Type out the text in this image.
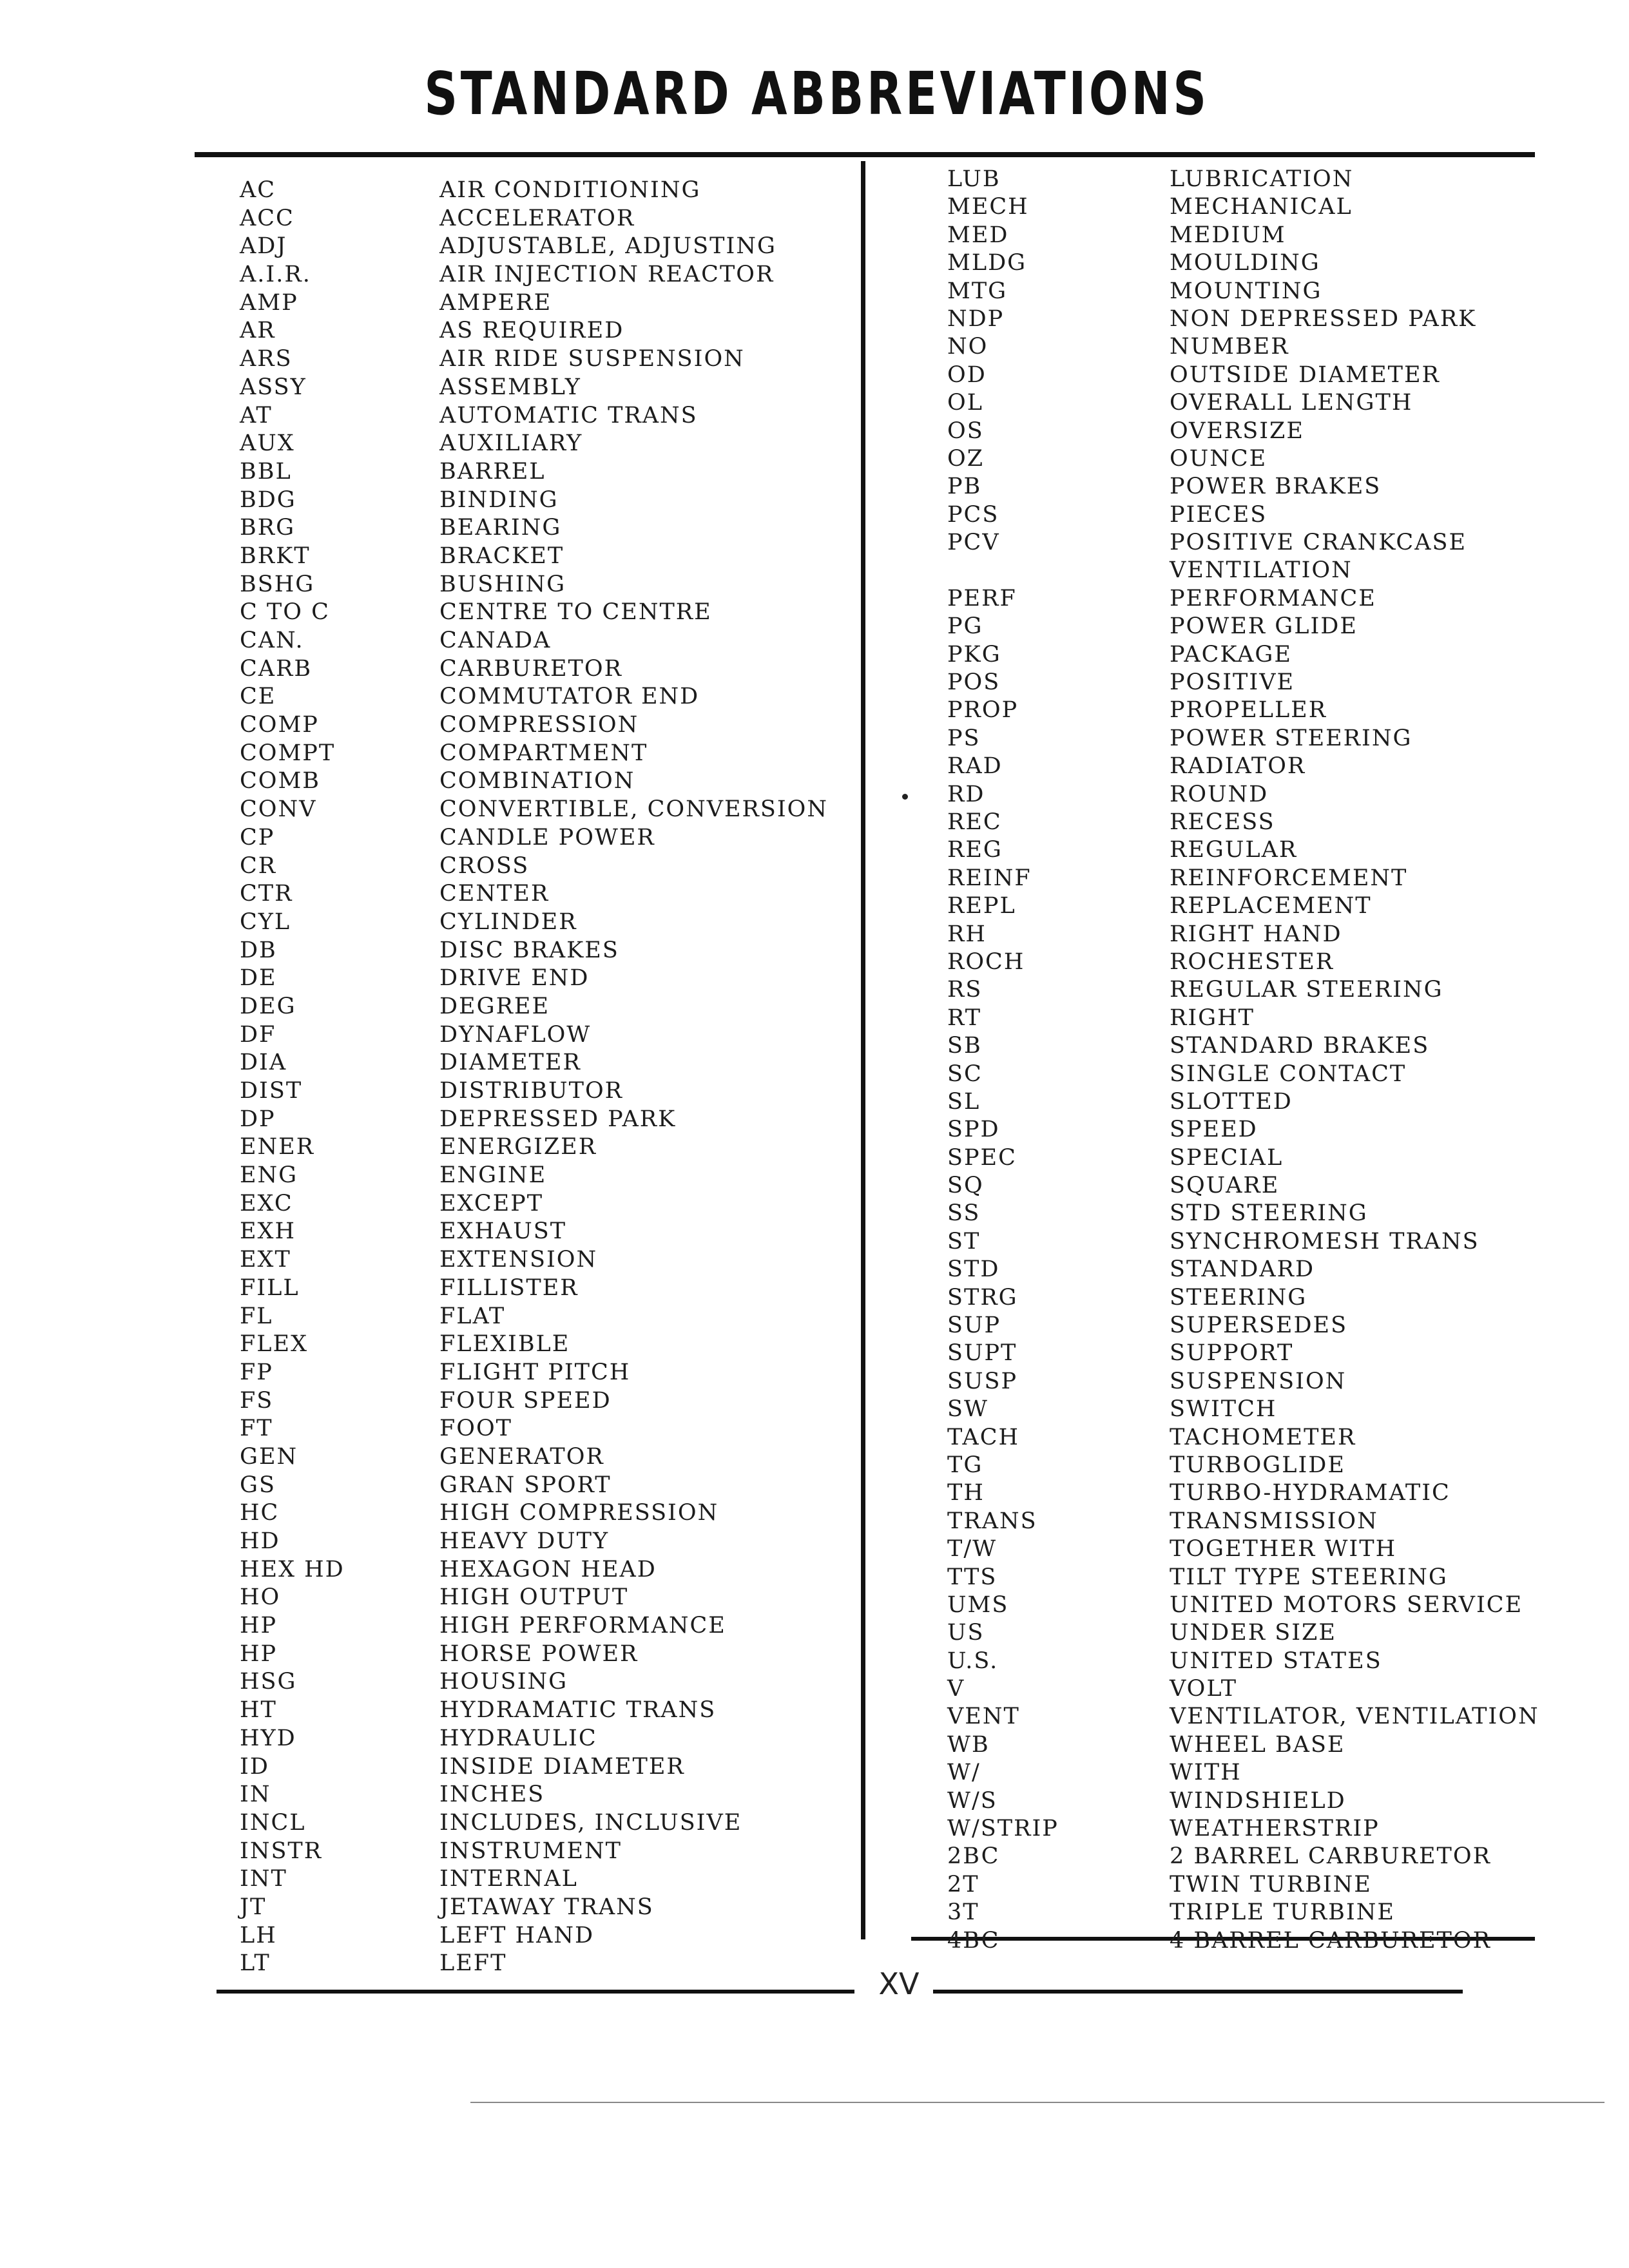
STANDARD ABBREVIATIONS
XV
AC	AIR CONDITIONING
ACC	ACCELERATOR
ADJ	ADJUSTABLE, ADJUSTING
A.I.R.	AIR INJECTION REACTOR
AMP	AMPERE
AR	AS REQUIRED
ARS	AIR RIDE SUSPENSION
ASSY	ASSEMBLY
AT	AUTOMATIC TRANS
AUX	AUXILIARY
BBL	BARREL
BDG	BINDING
BRG	BEARING
BRKT	BRACKET
BSHG	BUSHING
C TO C	CENTRE TO CENTRE
CAN.	CANADA
CARB	CARBURETOR
CE	COMMUTATOR END
COMP	COMPRESSION
COMPT	COMPARTMENT
COMB	COMBINATION
CONV	CONVERTIBLE, CONVERSION
CP	CANDLE POWER
CR	CROSS
CTR	CENTER
CYL	CYLINDER
DB	DISC BRAKES
DE	DRIVE END
DEG	DEGREE
DF	DYNAFLOW
DIA	DIAMETER
DIST	DISTRIBUTOR
DP	DEPRESSED PARK
ENER	ENERGIZER
ENG	ENGINE
EXC	EXCEPT
EXH	EXHAUST
EXT	EXTENSION
FILL	FILLISTER
FL	FLAT
FLEX	FLEXIBLE
FP	FLIGHT PITCH
FS	FOUR SPEED
FT	FOOT
GEN	GENERATOR
GS	GRAN SPORT
HC	HIGH COMPRESSION
HD	HEAVY DUTY
HEX HD	HEXAGON HEAD
HO	HIGH OUTPUT
HP	HIGH PERFORMANCE
HP	HORSE POWER
HSG	HOUSING
HT	HYDRAMATIC TRANS
HYD	HYDRAULIC
ID	INSIDE DIAMETER
IN	INCHES
INCL	INCLUDES, INCLUSIVE
INSTR	INSTRUMENT
INT	INTERNAL
JT	JETAWAY TRANS
LH	LEFT HAND
LT	LEFT
LUB	LUBRICATION
MECH	MECHANICAL
MED	MEDIUM
MLDG	MOULDING
MTG	MOUNTING
NDP	NON DEPRESSED PARK
NO	NUMBER
OD	OUTSIDE DIAMETER
OL	OVERALL LENGTH
OS	OVERSIZE
OZ	OUNCE
PB	POWER BRAKES
PCS	PIECES
PCV	POSITIVE CRANKCASE
VENTILATION
PERF	PERFORMANCE
PG	POWER GLIDE
PKG	PACKAGE
POS	POSITIVE
PROP	PROPELLER
PS	POWER STEERING
RAD	RADIATOR
RD	ROUND
REC	RECESS
REG	REGULAR
REINF	REINFORCEMENT
REPL	REPLACEMENT
RH	RIGHT HAND
ROCH	ROCHESTER
RS	REGULAR STEERING
RT	RIGHT
SB	STANDARD BRAKES
SC	SINGLE CONTACT
SL	SLOTTED
SPD	SPEED
SPEC	SPECIAL
SQ	SQUARE
SS	STD STEERING
ST	SYNCHROMESH TRANS
STD	STANDARD
STRG	STEERING
SUP	SUPERSEDES
SUPT	SUPPORT
SUSP	SUSPENSION
SW	SWITCH
TACH	TACHOMETER
TG	TURBOGLIDE
TH	TURBO-HYDRAMATIC
TRANS	TRANSMISSION
T/W	TOGETHER WITH
TTS	TILT TYPE STEERING
UMS	UNITED MOTORS SERVICE
US	UNDER SIZE
U.S.	UNITED STATES
V	VOLT
VENT	VENTILATOR, VENTILATION
WB	WHEEL BASE
W/	WITH
W/S	WINDSHIELD
W/STRIP	WEATHERSTRIP
2BC	2 BARREL CARBURETOR
2T	TWIN TURBINE
3T	TRIPLE TURBINE
4BC	4 BARREL CARBURETOR
